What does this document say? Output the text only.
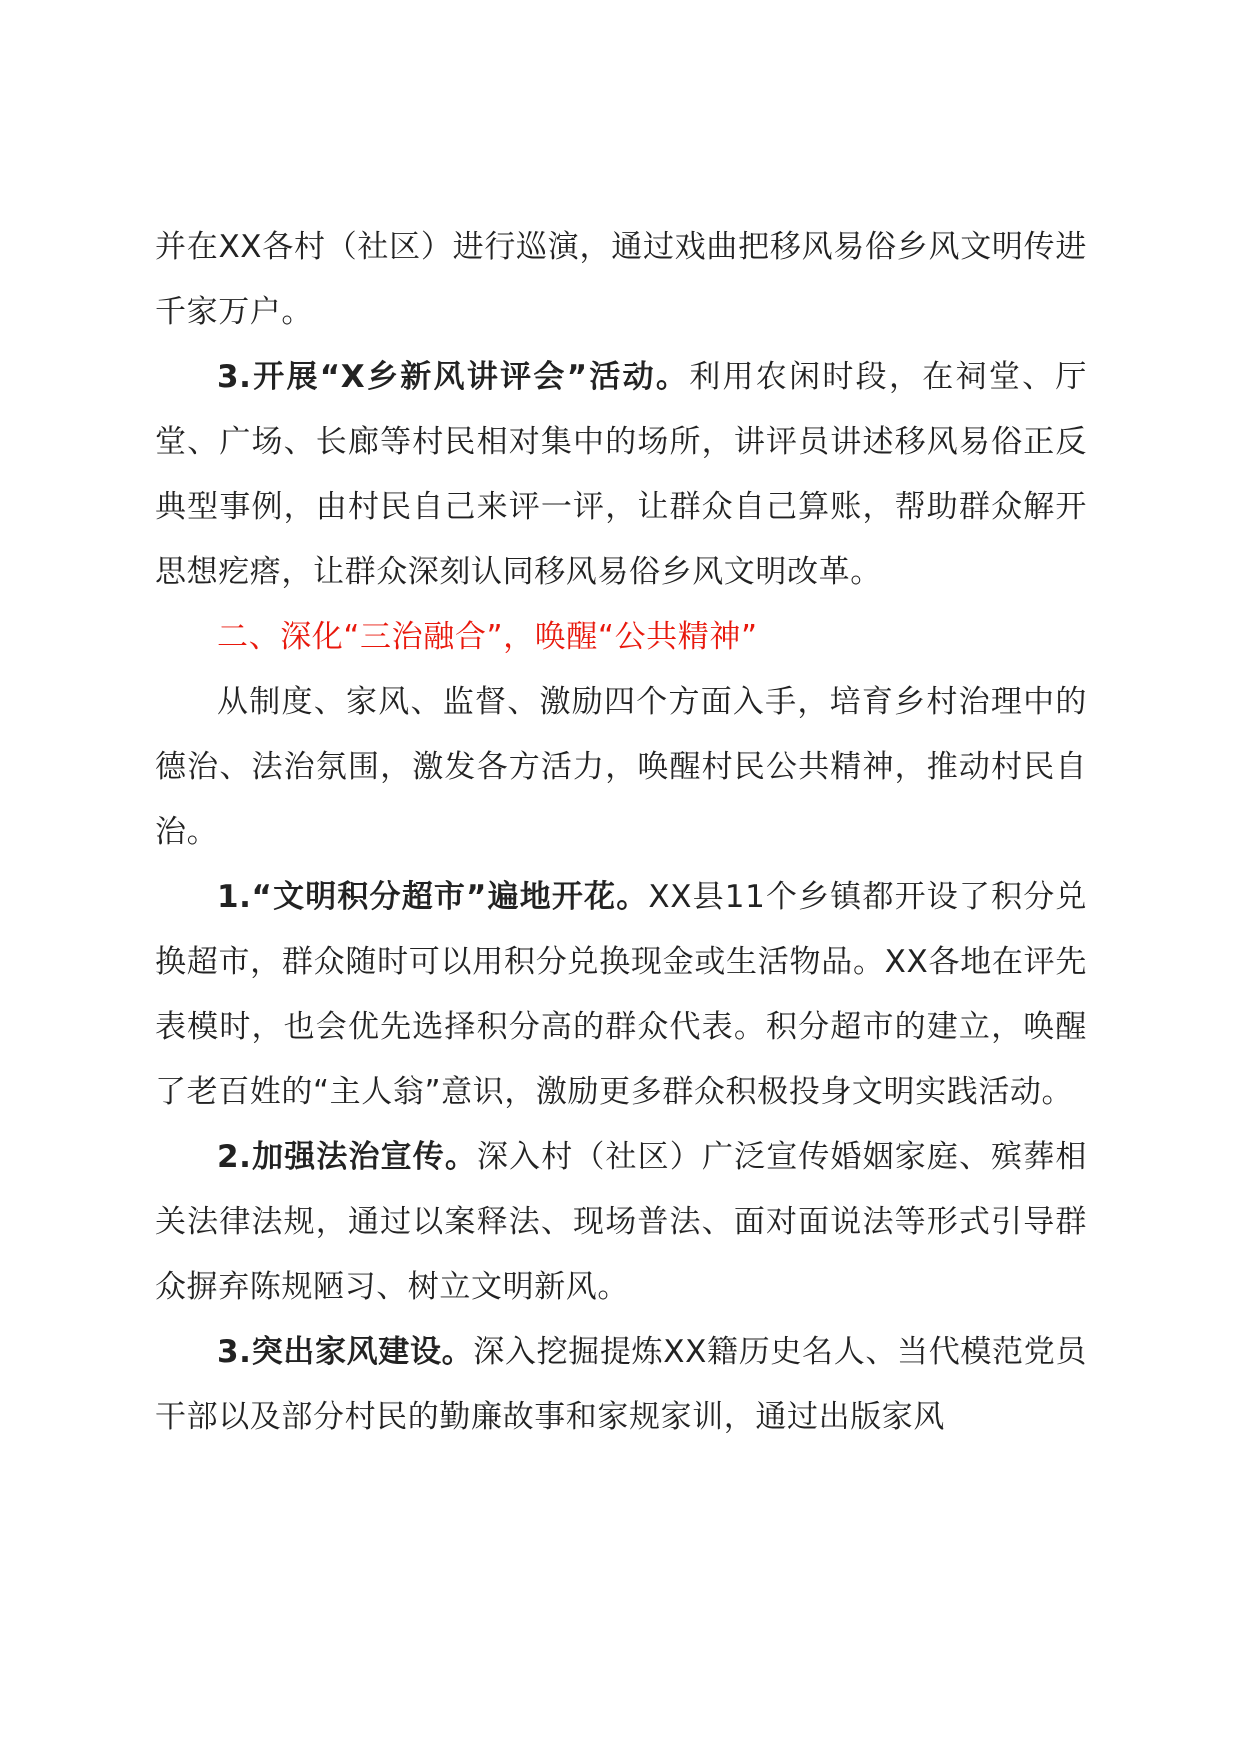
并在XX各村（社区）进行巡演，通过戏曲把移风易俗乡风文明传进千家万户。

3.开展“X乡新风讲评会”活动。利用农闲时段，在祠堂、厅堂、广场、长廊等村民相对集中的场所，讲评员讲述移风易俗正反典型事例，由村民自己来评一评，让群众自己算账，帮助群众解开思想疙瘩，让群众深刻认同移风易俗乡风文明改革。

二、深化“三治融合”，唤醒“公共精神”

从制度、家风、监督、激励四个方面入手，培育乡村治理中的德治、法治氛围，激发各方活力，唤醒村民公共精神，推动村民自治。

1.“文明积分超市”遍地开花。XX县11个乡镇都开设了积分兑换超市，群众随时可以用积分兑换现金或生活物品。XX各地在评先表模时，也会优先选择积分高的群众代表。积分超市的建立，唤醒了老百姓的“主人翁”意识，激励更多群众积极投身文明实践活动。

2.加强法治宣传。深入村（社区）广泛宣传婚姻家庭、殡葬相关法律法规，通过以案释法、现场普法、面对面说法等形式引导群众摒弃陈规陋习、树立文明新风。

3.突出家风建设。深入挖掘提炼XX籍历史名人、当代模范党员干部以及部分村民的勤廉故事和家规家训，通过出版家风
